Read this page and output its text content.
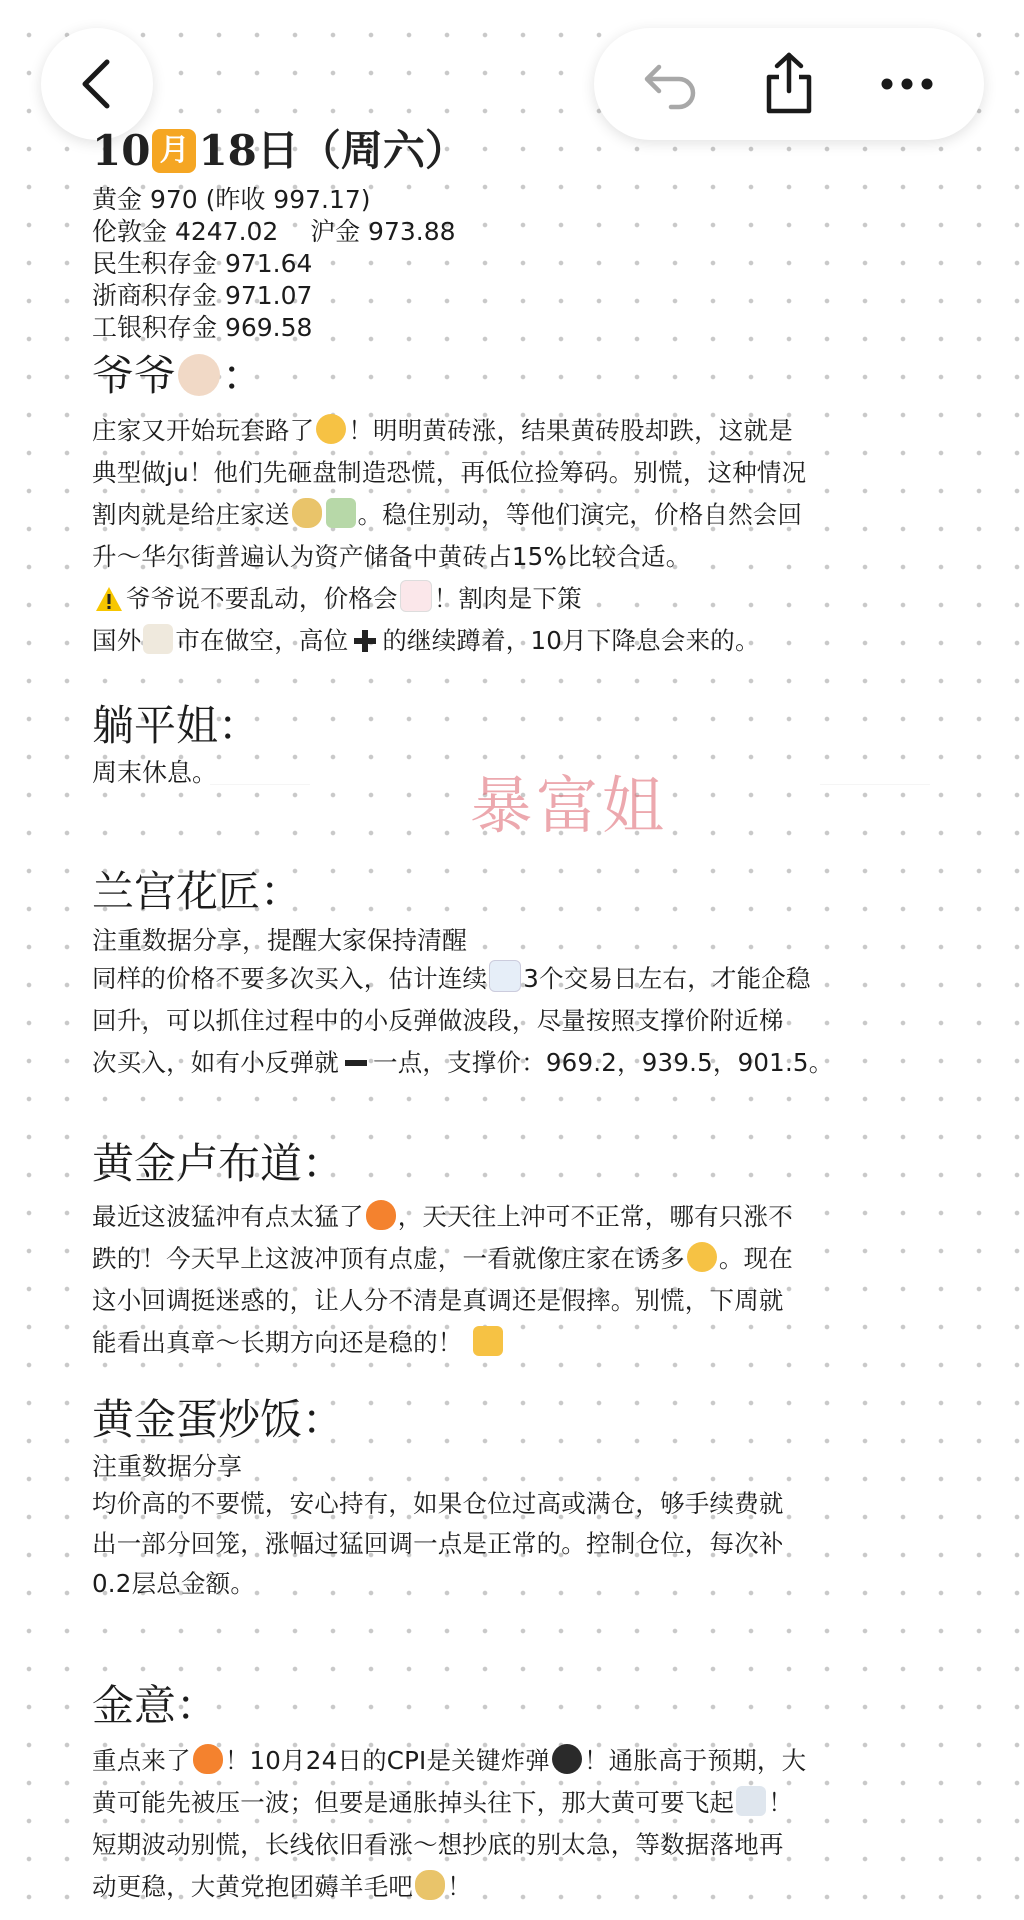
暴富姐
10 月 18日（周六）
黄金 970 (昨收 997.17)
伦敦金 4247.02    沪金 973.88
民生积存金 971.64
浙商积存金 971.07
工银积存金 969.58
爷爷 ：

庄家又开始玩套路了 ！明明黄砖涨，结果黄砖股却跌，这就是

典型做ju！他们先砸盘制造恐慌，再低位捡筹码。别慌，这种情况

割肉就是给庄家送	。稳住别动，等他们演完，价格自然会回

升～华尔街普遍认为资产储备中黄砖占15%比较合适。

爷爷说不要乱动，价格会 ！割肉是下策

国外 市在做空，高位 的继续蹲着，10月下降息会来的。

躺平姐：

周末休息。

兰宫花匠：

注重数据分享，提醒大家保持清醒

同样的价格不要多次买入，估计连续 3个交易日左右，才能企稳

回升，可以抓住过程中的小反弹做波段，尽量按照支撑价附近梯

次买入，如有小反弹就 一点，支撑价：969.2，939.5，901.5。

黄金卢布道：

最近这波猛冲有点太猛了 ，天天往上冲可不正常，哪有只涨不

跌的！今天早上这波冲顶有点虚，一看就像庄家在诱多 。现在

这小回调挺迷惑的，让人分不清是真调还是假摔。别慌，下周就

能看出真章～长期方向还是稳的！

黄金蛋炒饭：

注重数据分享

均价高的不要慌，安心持有，如果仓位过高或满仓，够手续费就

出一部分回笼，涨幅过猛回调一点是正常的。控制仓位，每次补

0.2层总金额。

金意：

重点来了 ！10月24日的CPI是关键炸弹 ！通胀高于预期，大

黄可能先被压一波；但要是通胀掉头往下，那大黄可要飞起 ！

短期波动别慌，长线依旧看涨～想抄底的别太急，等数据落地再

动更稳，大黄党抱团薅羊毛吧 ！
